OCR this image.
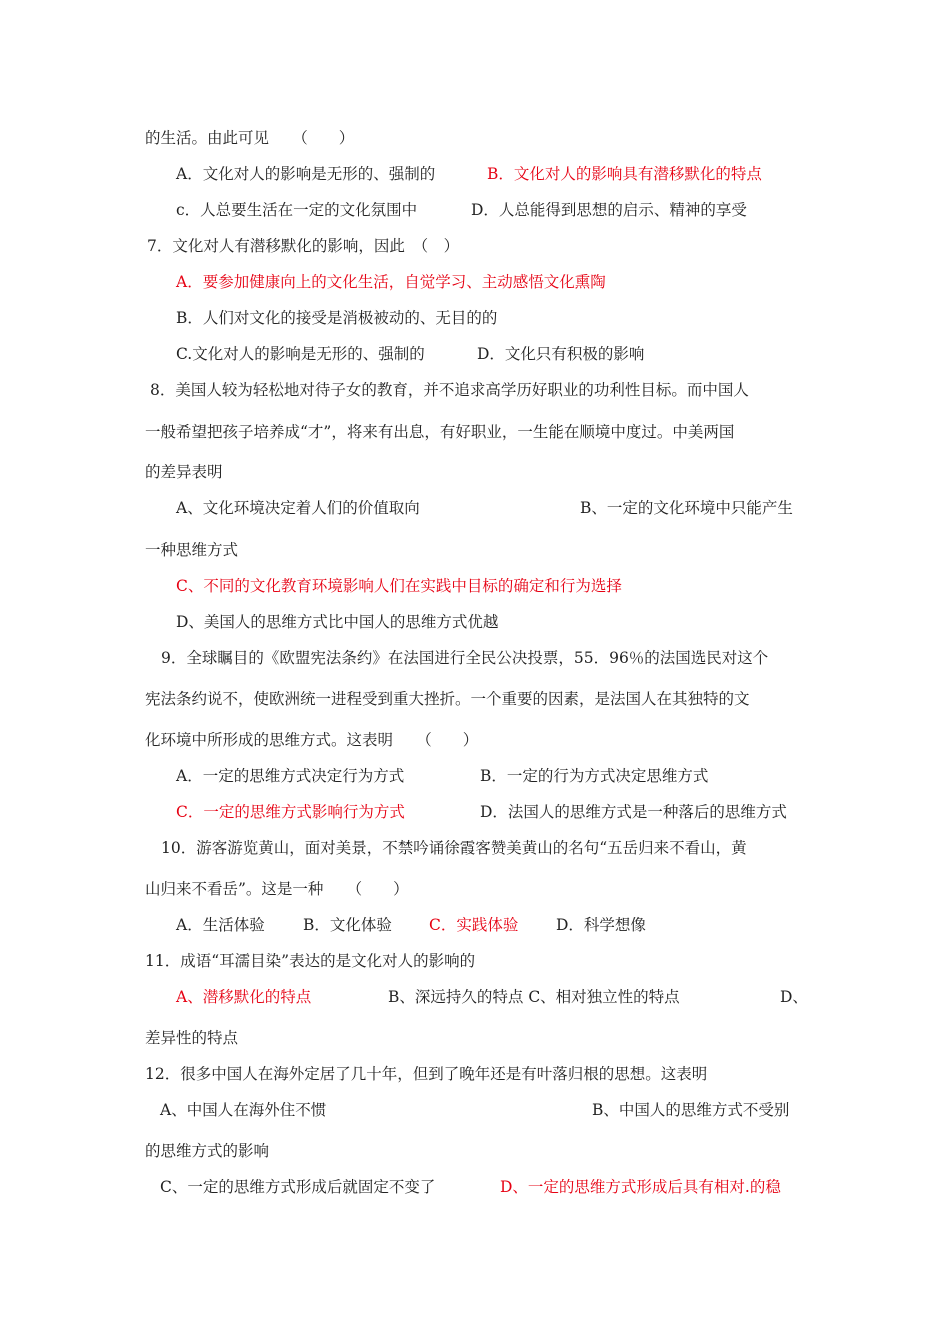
的生活。由此可见　　（　　）
A．文化对人的影响是无形的、强制的	B．文化对人的影响具有潜移默化的特点
c．人总要生活在一定的文化氛围中	D．人总能得到思想的启示、精神的享受
7．文化对人有潜移默化的影响，因此　（　）
A．要参加健康向上的文化生活，自觉学习、主动感悟文化熏陶
B．人们对文化的接受是消极被动的、无目的的
C.文化对人的影响是无形的、强制的	D．文化只有积极的影响
8．美国人较为轻松地对待子女的教育，并不追求高学历好职业的功利性目标。而中国人
一般希望把孩子培养成“才”，将来有出息，有好职业，一生能在顺境中度过。中美两国
的差异表明
A、文化环境决定着人们的价值取向	B、一定的文化环境中只能产生
一种思维方式
C、不同的文化教育环境影响人们在实践中目标的确定和行为选择
D、美国人的思维方式比中国人的思维方式优越
9．全球瞩目的《欧盟宪法条约》在法国进行全民公决投票，55．96％的法国选民对这个
宪法条约说不，使欧洲统一进程受到重大挫折。一个重要的因素，是法国人在其独特的文
化环境中所形成的思维方式。这表明　　（　　）
A．一定的思维方式决定行为方式	B．一定的行为方式决定思维方式
C．一定的思维方式影响行为方式	D．法国人的思维方式是一种落后的思维方式
10．游客游览黄山，面对美景，不禁吟诵徐霞客赞美黄山的名句“五岳归来不看山，黄
山归来不看岳”。这是一种　　（　　）
A．生活体验 B．文化体验 C．实践体验 D．科学想像
11．成语“耳濡目染”表达的是文化对人的影响的
A、潜移默化的特点	B、深远持久的特点 C、相对独立性的特点	D、
差异性的特点
12．很多中国人在海外定居了几十年，但到了晚年还是有叶落归根的思想。这表明
A、中国人在海外住不惯	B、中国人的思维方式不受别
的思维方式的影响
C、一定的思维方式形成后就固定不变了	D、一定的思维方式形成后具有相对.的稳
